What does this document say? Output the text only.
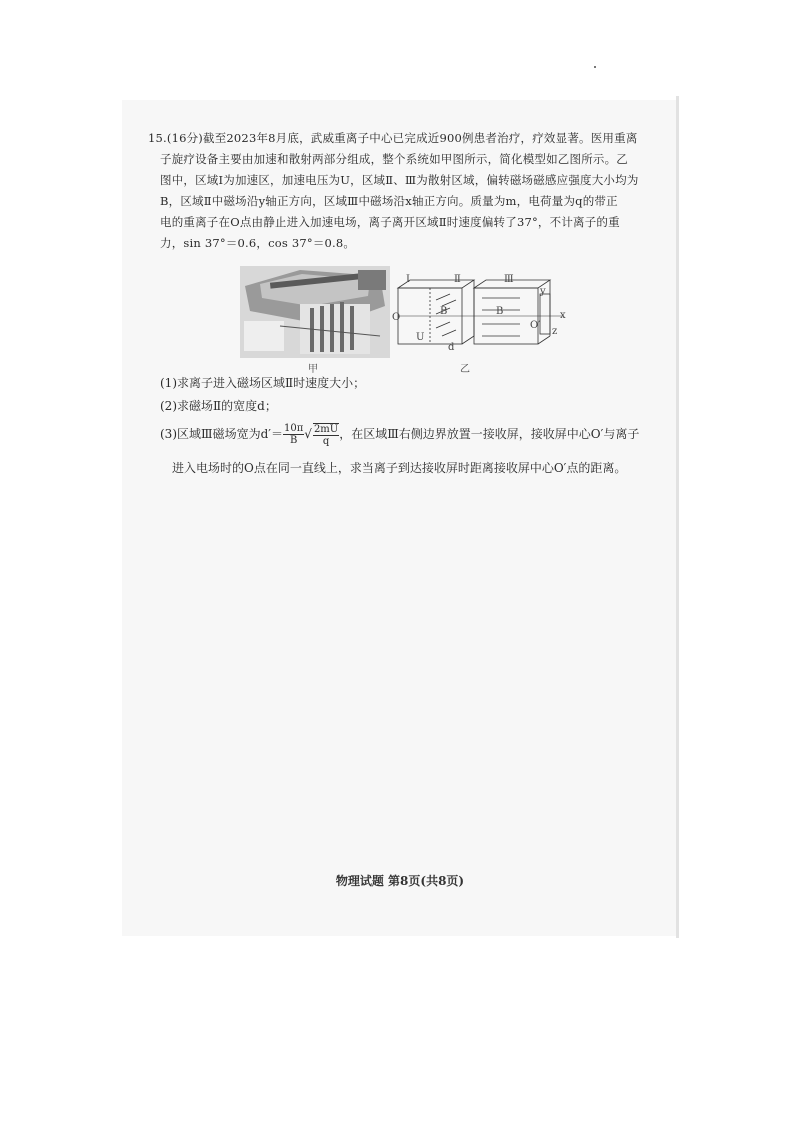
15.(16分)截至2023年8月底，武威重离子中心已完成近900例患者治疗，疗效显著。医用重离

子旋疗设备主要由加速和散射两部分组成，整个系统如甲图所示，简化模型如乙图所示。乙

图中，区域Ⅰ为加速区，加速电压为U，区域Ⅱ、Ⅲ为散射区域，偏转磁场磁感应强度大小均为

B，区域Ⅱ中磁场沿y轴正方向，区域Ⅲ中磁场沿x轴正方向。质量为m，电荷量为q的带正

电的重离子在O点由静止进入加速电场，离子离开区域Ⅱ时速度偏转了37°，不计离子的重

力，sin 37°＝0.6，cos 37°＝0.8。

甲
Ⅰ	Ⅱ	Ⅲ
B	B
U
d
O
O′
x
y
z
乙
(1)求离子进入磁场区域Ⅱ时速度大小；
(2)求磁场Ⅱ的宽度d；
(3)区域Ⅲ磁场宽为$d'= \frac{10\pi}{B}$ √ $\frac{2mU}{q}$ ，在区域Ⅲ右侧边界放置一接收屏，接收屏中心O′与离子
进入电场时的O点在同一直线上，求当离子到达接收屏时距离接收屏中心O′点的距离。
物理试题 第8页(共8页)
